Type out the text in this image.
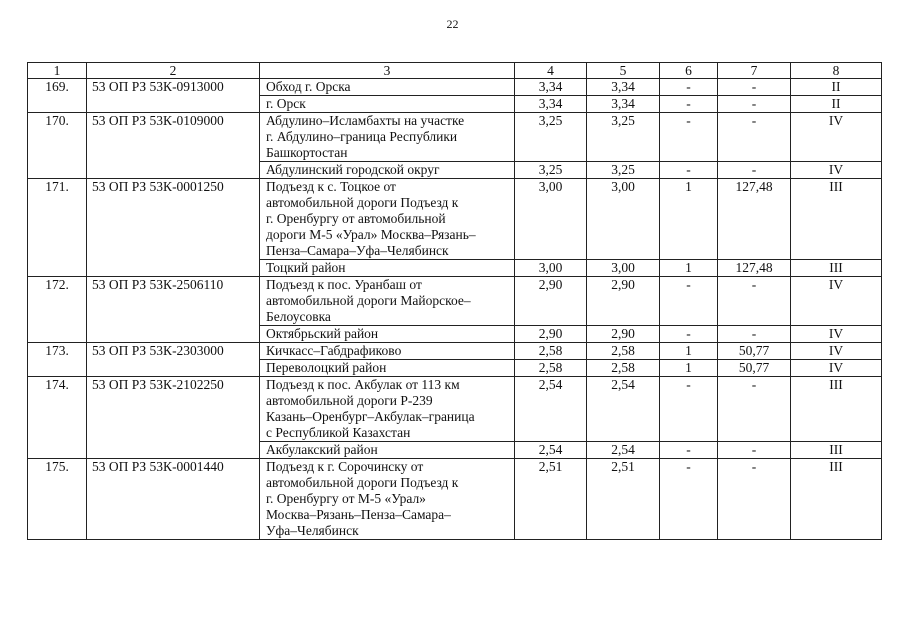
22
1	2	3	4	5	6	7	8
169.	53 ОП РЗ 53К-0913000	Обход г. Орска	3,34	3,34	-	-	II

		г. Орск	3,34	3,34	-	-	II
170.	53 ОП РЗ 53К-0109000	Абдулино–Исламбахты на участке
г. Абдулино–граница Республики
Башкортостан	3,25	3,25	-	-	IV

		Абдулинский городской округ	3,25	3,25	-	-	IV
171.	53 ОП РЗ 53К-0001250	Подъезд к с. Тоцкое от
автомобильной дороги Подъезд к
г. Оренбургу от автомобильной
дороги М-5 «Урал» Москва–Рязань–
Пенза–Самара–Уфа–Челябинск	3,00	3,00	1	127,48	III

		Тоцкий район	3,00	3,00	1	127,48	III
172.	53 ОП РЗ 53К-2506110	Подъезд к пос. Уранбаш от
автомобильной дороги Майорское–
Белоусовка	2,90	2,90	-	-	IV

		Октябрьский район	2,90	2,90	-	-	IV
173.	53 ОП РЗ 53К-2303000	Кичкасс–Габдрафиково	2,58	2,58	1	50,77	IV

		Переволоцкий район	2,58	2,58	1	50,77	IV
174.	53 ОП РЗ 53К-2102250	Подъезд к пос. Акбулак от 113 км
автомобильной дороги Р-239
Казань–Оренбург–Акбулак–граница
с Республикой Казахстан	2,54	2,54	-	-	III

		Акбулакский район	2,54	2,54	-	-	III
175.	53 ОП РЗ 53К-0001440	Подъезд к г. Сорочинску от
автомобильной дороги Подъезд к
г. Оренбургу от М-5 «Урал»
Москва–Рязань–Пенза–Самара–
Уфа–Челябинск	2,51	2,51	-	-	III
